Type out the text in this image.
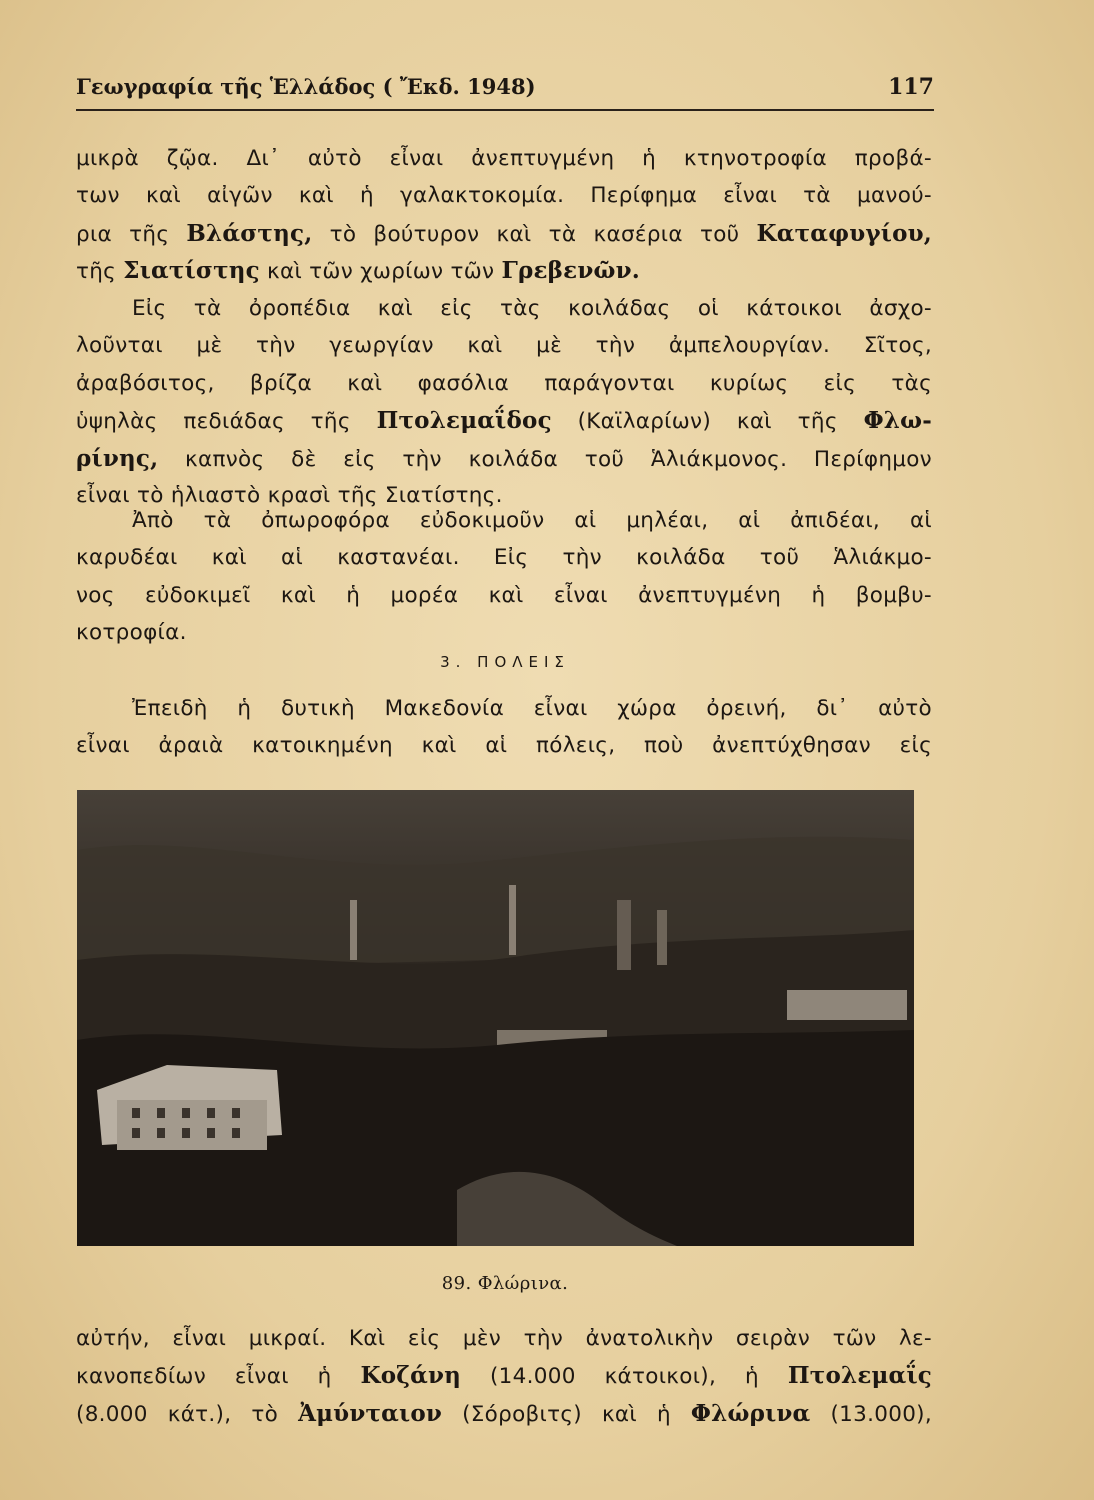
Γεωγραφία τῆς Ἑλλάδος ( Ἔκδ. 1948)	117
μικρὰ ζῷα. Δι᾿ αὐτὸ εἶναι ἀνεπτυγμένη ἡ κτηνοτροφία προβά-
των καὶ αἰγῶν καὶ ἡ γαλακτοκομία. Περίφημα εἶναι τὰ μανού-
ρια τῆς Βλάστης, τὸ βούτυρον καὶ τὰ κασέρια τοῦ Καταφυγίου,
τῆς Σιατίστης καὶ τῶν χωρίων τῶν Γρεβενῶν.
Εἰς τὰ ὀροπέδια καὶ εἰς τὰς κοιλάδας οἱ κάτοικοι ἀσχο-
λοῦνται μὲ τὴν γεωργίαν καὶ μὲ τὴν ἀμπελουργίαν. Σῖτος,
ἀραβόσιτος, βρίζα καὶ φασόλια παράγονται κυρίως εἰς τὰς
ὑψηλὰς πεδιάδας τῆς Πτολεμαΐδος (Καϊλαρίων) καὶ τῆς Φλω-
ρίνης, καπνὸς δὲ εἰς τὴν κοιλάδα τοῦ Ἁλιάκμονος. Περίφημον
εἶναι τὸ ἡλιαστὸ κρασὶ τῆς Σιατίστης.
Ἀπὸ τὰ ὀπωροφόρα εὐδοκιμοῦν αἱ μηλέαι, αἱ ἀπιδέαι, αἱ
καρυδέαι καὶ αἱ καστανέαι. Εἰς τὴν κοιλάδα τοῦ Ἁλιάκμο-
νος εὐδοκιμεῖ καὶ ἡ μορέα καὶ εἶναι ἀνεπτυγμένη ἡ βομβυ-
κοτροφία.
3. ΠΟΛΕΙΣ
Ἐπειδὴ ἡ δυτικὴ Μακεδονία εἶναι χώρα ὀρεινή, δι᾿ αὐτὸ
εἶναι ἀραιὰ κατοικημένη καὶ αἱ πόλεις, ποὺ ἀνεπτύχθησαν εἰς
89. Φλώρινα.
αὐτήν, εἶναι μικραί. Καὶ εἰς μὲν τὴν ἀνατολικὴν σειρὰν τῶν λε-
κανοπεδίων εἶναι ἡ Κοζάνη (14.000 κάτοικοι), ἡ Πτολεμαΐς
(8.000 κάτ.), τὸ Ἀμύνταιον (Σόροβιτς) καὶ ἡ Φλώρινα (13.000),
